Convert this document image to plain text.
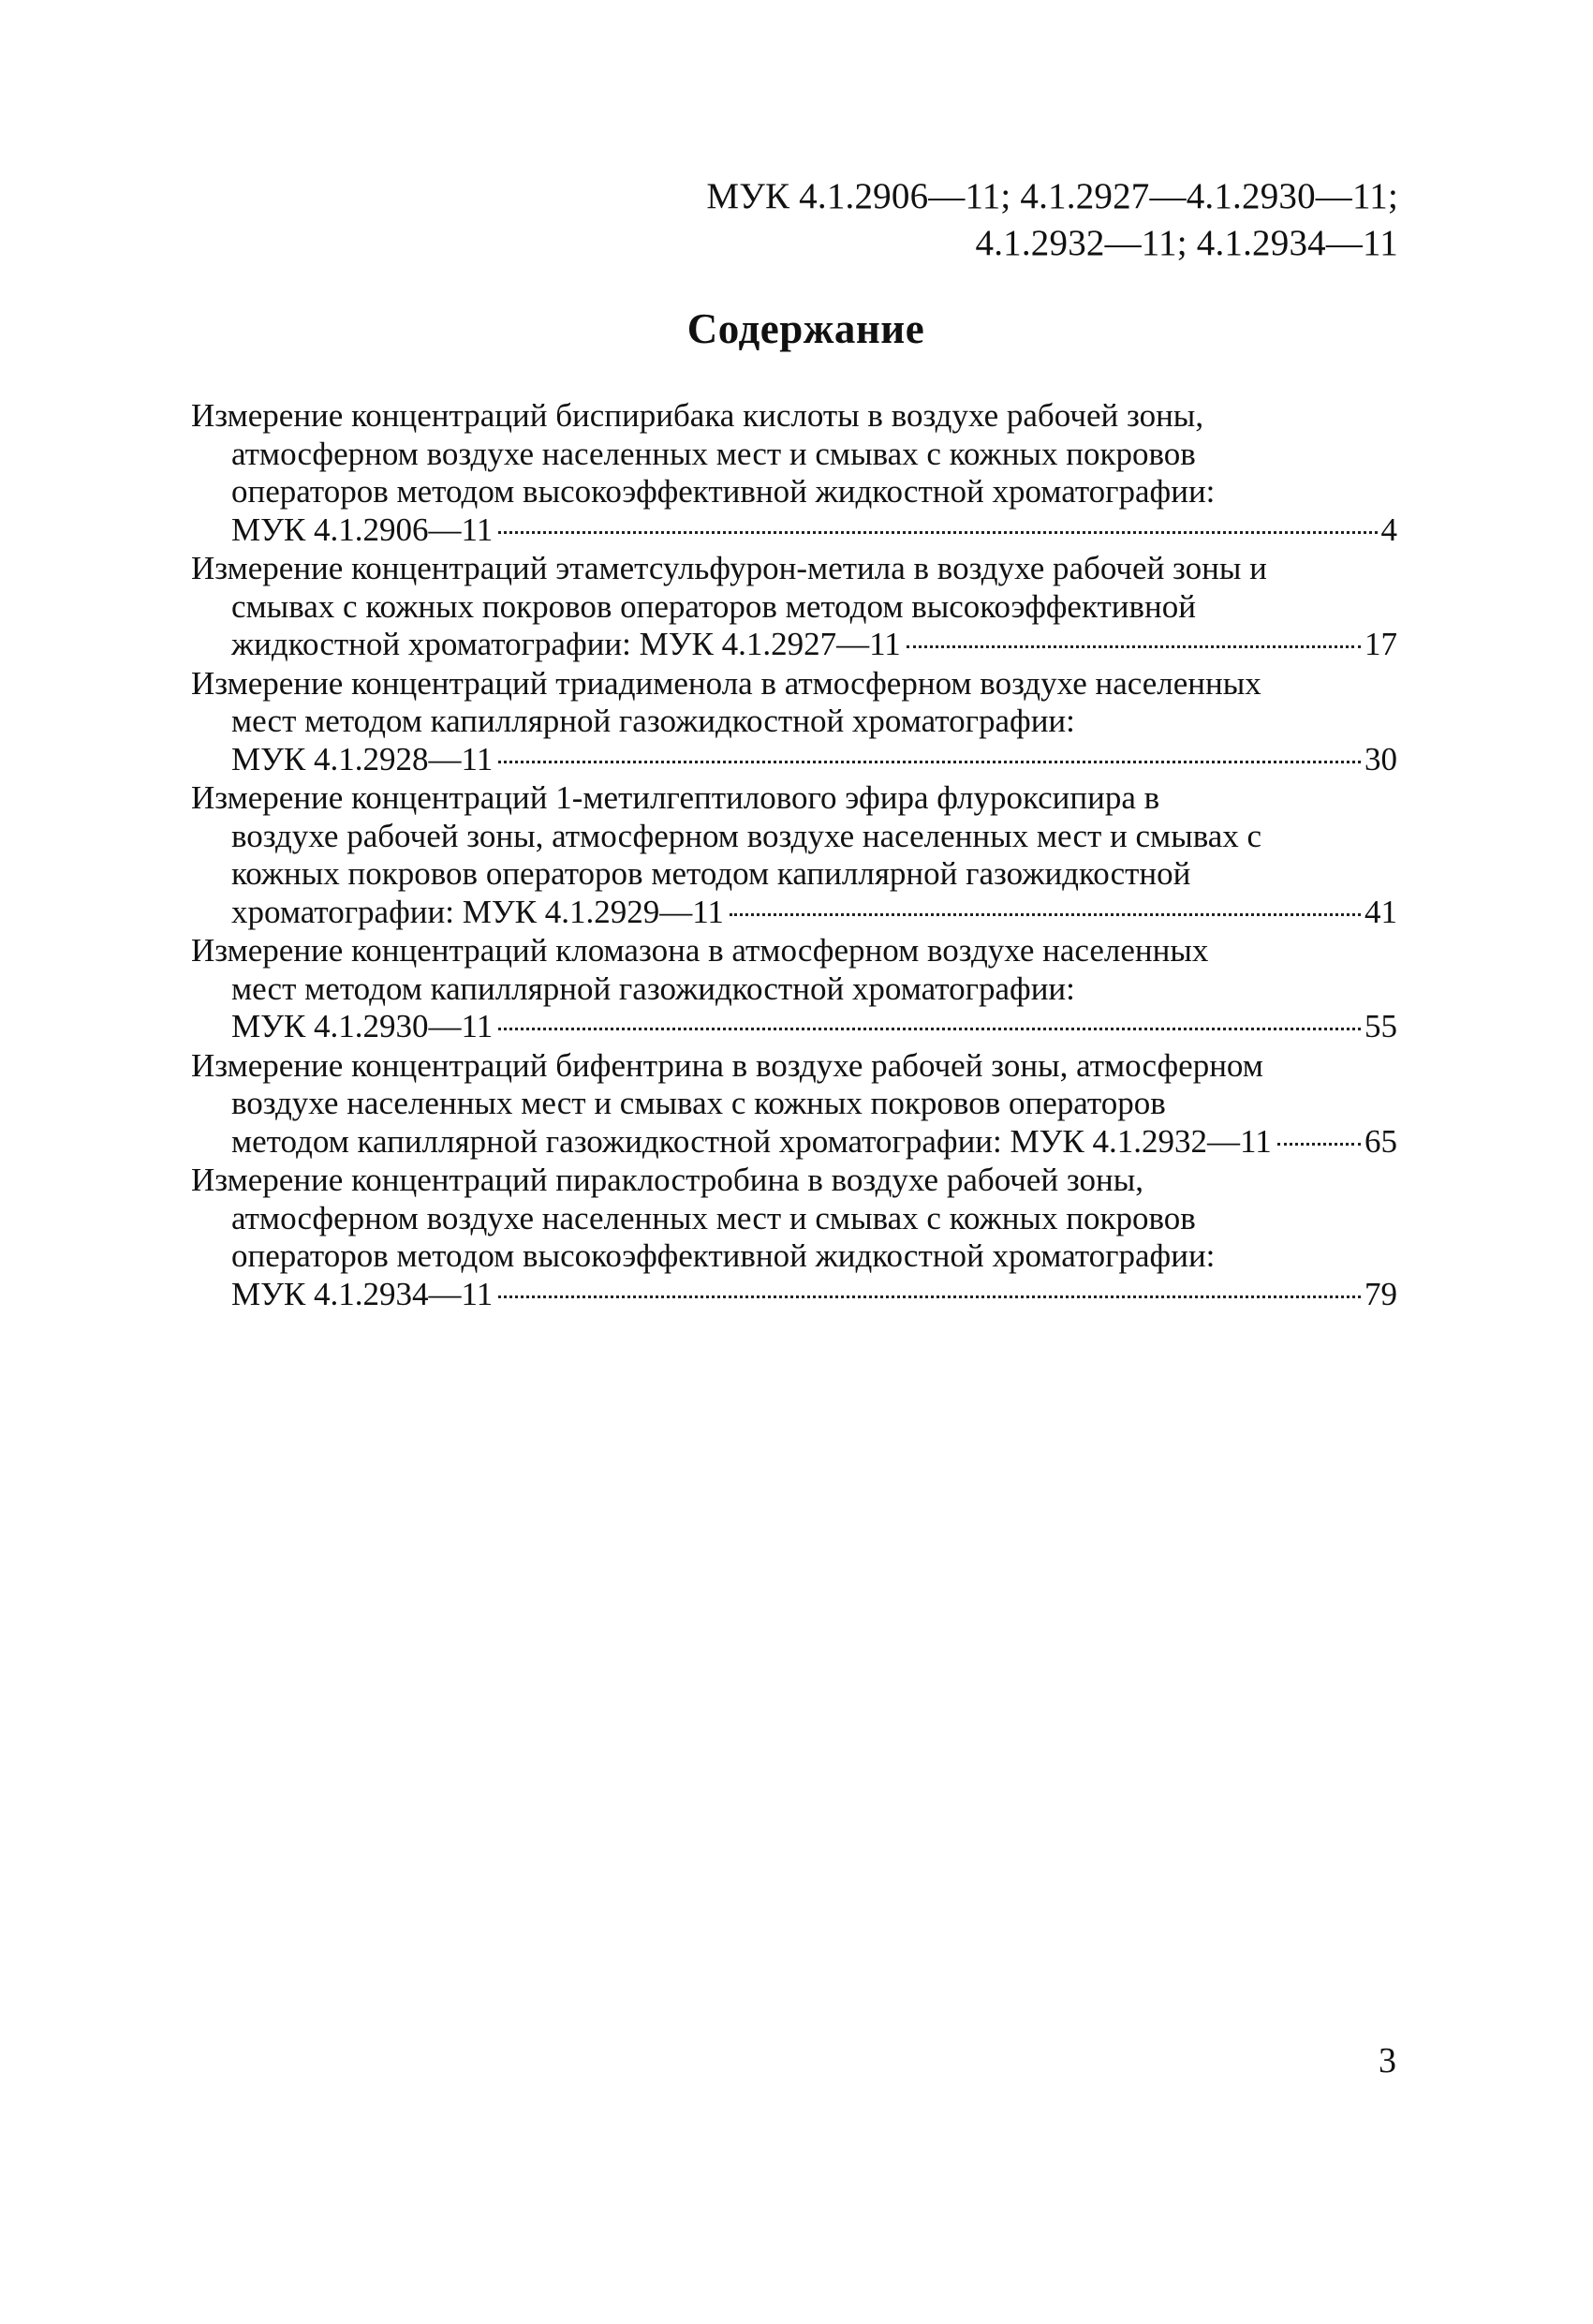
МУК 4.1.2906—11; 4.1.2927—4.1.2930—11;
4.1.2932—11; 4.1.2934—11
Содержание
Измерение концентраций биспирибака кислоты в воздухе рабочей зоны,
атмосферном воздухе населенных мест и смывах с кожных покровов
операторов методом высокоэффективной жидкостной хроматографии:
МУК 4.1.2906—11	4
Измерение концентраций этаметсульфурон-метила в воздухе рабочей зоны и
смывах с кожных покровов операторов методом высокоэффективной
жидкостной хроматографии: МУК 4.1.2927—11	17
Измерение концентраций триадименола в атмосферном воздухе населенных
мест методом капиллярной газожидкостной хроматографии:
МУК 4.1.2928—11	30
Измерение концентраций 1-метилгептилового эфира флуроксипира в
воздухе рабочей зоны, атмосферном воздухе населенных мест и смывах с
кожных покровов операторов методом капиллярной газожидкостной
хроматографии: МУК 4.1.2929—11	41
Измерение концентраций кломазона в атмосферном воздухе населенных
мест методом капиллярной газожидкостной хроматографии:
МУК 4.1.2930—11	55
Измерение концентраций бифентрина в воздухе рабочей зоны, атмосферном
воздухе населенных мест и смывах с кожных покровов операторов
методом капиллярной газожидкостной хроматографии: МУК 4.1.2932—11	65
Измерение концентраций пираклостробина в воздухе рабочей зоны,
атмосферном воздухе населенных мест и смывах с кожных покровов
операторов методом высокоэффективной жидкостной хроматографии:
МУК 4.1.2934—11	79
3
